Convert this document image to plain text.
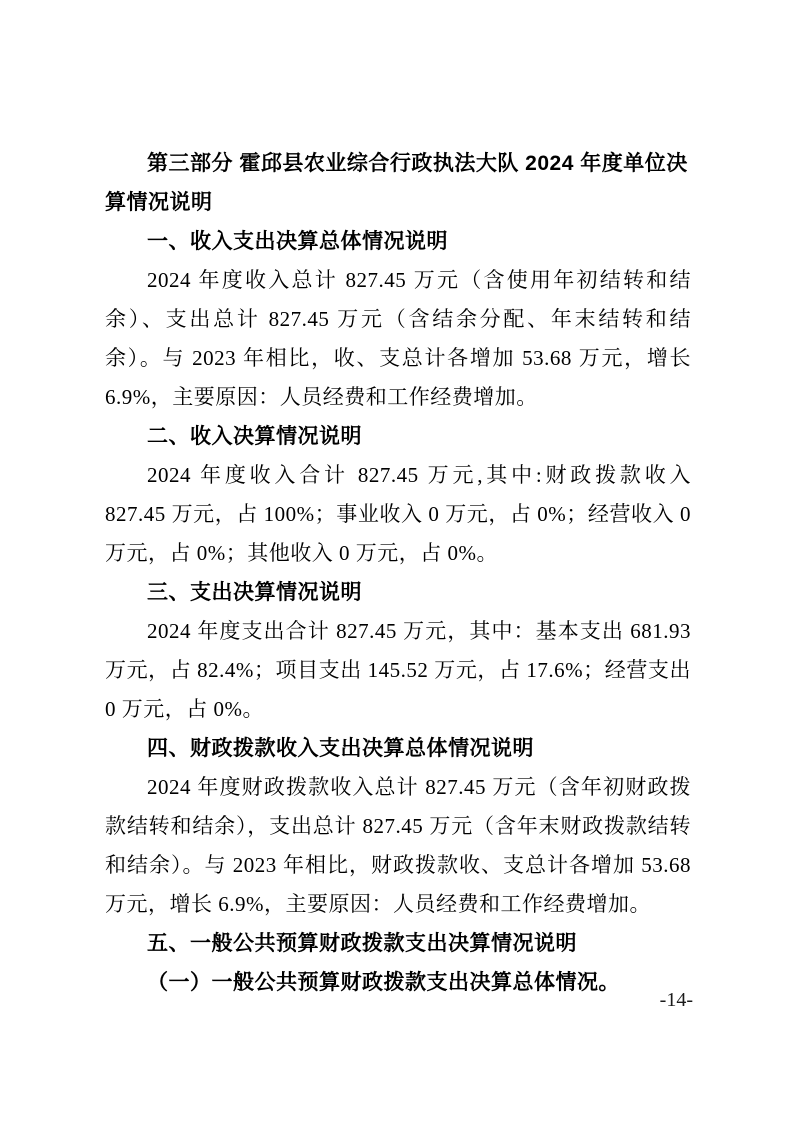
第三部分 霍邱县农业综合行政执法大队 2024 年度单位决算情况说明

一、收入支出决算总体情况说明

2024 年度收入总计 827.45 万元（含使用年初结转和结余）、支出总计 827.45 万元（含结余分配、年末结转和结余）。与 2023 年相比，收、支总计各增加 53.68 万元，增长 6.9%，主要原因：人员经费和工作经费增加。

二、收入决算情况说明

2024 年度收入合计 827.45 万元,其中:财政拨款收入 827.45 万元，占 100%；事业收入 0 万元，占 0%；经营收入 0 万元，占 0%；其他收入 0 万元，占 0%。

三、支出决算情况说明

2024 年度支出合计 827.45 万元，其中：基本支出 681.93 万元，占 82.4%；项目支出 145.52 万元，占 17.6%；经营支出 0 万元，占 0%。

四、财政拨款收入支出决算总体情况说明

2024 年度财政拨款收入总计 827.45 万元（含年初财政拨款结转和结余），支出总计 827.45 万元（含年末财政拨款结转和结余）。与 2023 年相比，财政拨款收、支总计各增加 53.68 万元，增长 6.9%，主要原因：人员经费和工作经费增加。

五、一般公共预算财政拨款支出决算情况说明

（一）一般公共预算财政拨款支出决算总体情况。

-14-
